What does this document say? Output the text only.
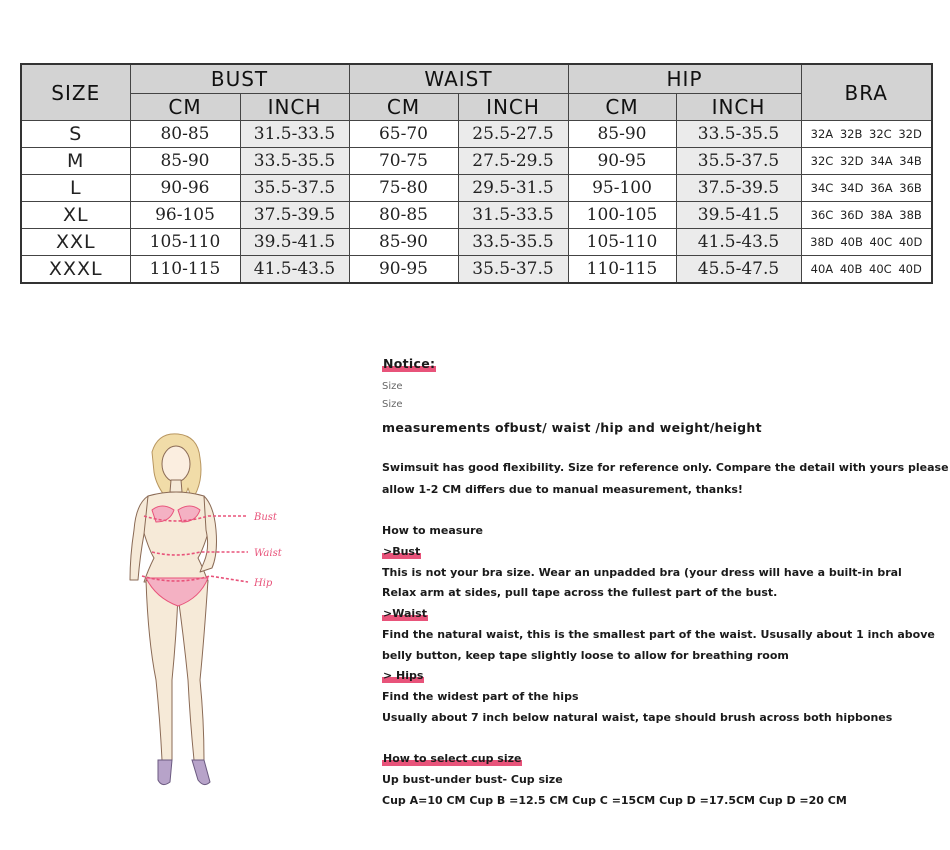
SIZE	BUST		WAIST		HIP		BRA
	CM	INCH	CM	INCH	CM	INCH	
S	80-85	31.5-33.5	65-70	25.5-27.5	85-90	33.5-35.5	32A 32B 32C 32D
M	85-90	33.5-35.5	70-75	27.5-29.5	90-95	35.5-37.5	32C 32D 34A 34B
L	90-96	35.5-37.5	75-80	29.5-31.5	95-100	37.5-39.5	34C 34D 36A 36B
XL	96-105	37.5-39.5	80-85	31.5-33.5	100-105	39.5-41.5	36C 36D 38A 38B
XXL	105-110	39.5-41.5	85-90	33.5-35.5	105-110	41.5-43.5	38D 40B 40C 40D
XXXL	110-115	41.5-43.5	90-95	35.5-37.5	110-115	45.5-47.5	40A 40B 40C 40D
Bust
Waist
Hip
Notice:
Size
Size
measurements ofbust/ waist /hip and weight/height
Swimsuit has good flexibility. Size for reference only. Compare the detail with yours please
allow 1-2 CM differs due to manual measurement, thanks!
How to measure
>Bust
This is not your bra size. Wear an unpadded bra (your dress will have a built-in bral
Relax arm at sides, pull tape across the fullest part of the bust.
>Waist
Find the natural waist, this is the smallest part of the waist. Ususally about 1 inch above
belly button, keep tape slightly loose to allow for breathing room
> Hips
Find the widest part of the hips
Usually about 7 inch below natural waist, tape should brush across both hipbones
How to select cup size
Up bust-under bust- Cup size
Cup A=10 CM Cup B =12.5 CM Cup C =15CM Cup D =17.5CM Cup D =20 CM
